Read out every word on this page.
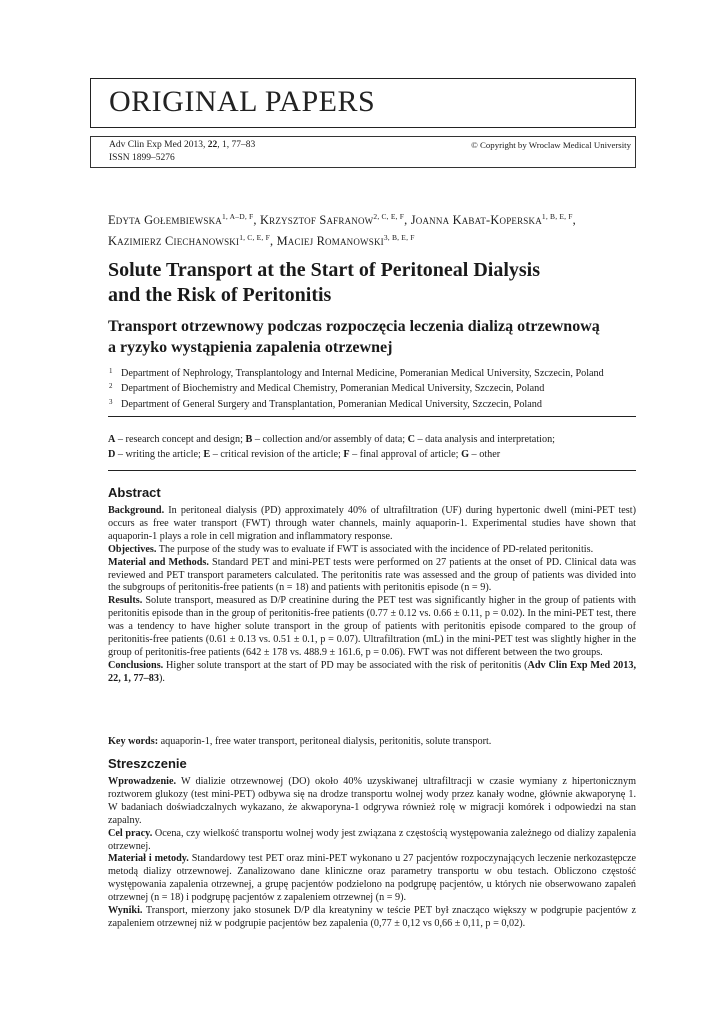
ORIGINAL PAPERS
Adv Clin Exp Med 2013, 22, 1, 77–83
ISSN 1899–5276
© Copyright by Wroclaw Medical University
Edyta Gołembiewska$^{1, A-D, F}$, Krzysztof Safranow$^{2, C, E, F}$, Joanna Kabat-Koperska$^{1, B, E, F}$,
Kazimierz Ciechanowski$^{1, C, E, F}$, Maciej Romanowski$^{3, B, E, F}$
Solute Transport at the Start of Peritoneal Dialysis
and the Risk of Peritonitis
Transport otrzewnowy podczas rozpoczęcia leczenia dializą otrzewnową
a ryzyko wystąpienia zapalenia otrzewnej
1 Department of Nephrology, Transplantology and Internal Medicine, Pomeranian Medical University, Szczecin, Poland
2 Department of Biochemistry and Medical Chemistry, Pomeranian Medical University, Szczecin, Poland
3 Department of General Surgery and Transplantation, Pomeranian Medical University, Szczecin, Poland
A – research concept and design; B – collection and/or assembly of data; C – data analysis and interpretation;
D – writing the article; E – critical revision of the article; F – final approval of article; G – other
Abstract

Background. In peritoneal dialysis (PD) approximately 40% of ultrafiltration (UF) during hypertonic dwell (mini-PET test) occurs as free water transport (FWT) through water channels, mainly aquaporin-1. Experimental studies have shown that aquaporin-1 plays a role in cell migration and inflammatory response.

Objectives. The purpose of the study was to evaluate if FWT is associated with the incidence of PD-related peritonitis.

Material and Methods. Standard PET and mini-PET tests were performed on 27 patients at the onset of PD. Clinical data was reviewed and PET transport parameters calculated. The peritonitis rate was assessed and the group of patients was divided into the subgroups of peritonitis-free patients (n = 18) and patients with peritonitis episode (n = 9).

Results. Solute transport, measured as D/P creatinine during the PET test was significantly higher in the group of patients with peritonitis episode than in the group of peritonitis-free patients (0.77 ± 0.12 vs. 0.66 ± 0.11, p = 0.02). In the mini-PET test, there was a tendency to have higher solute transport in the group of patients with peritonitis episode compared to the group of peritonitis-free patients (0.61 ± 0.13 vs. 0.51 ± 0.1, p = 0.07). Ultrafiltration (mL) in the mini-PET test was slightly higher in the group of peritonitis-free patients (642 ± 178 vs. 488.9 ± 161.6, p = 0.06). FWT was not different between the two groups.

Conclusions. Higher solute transport at the start of PD may be associated with the risk of peritonitis (Adv Clin Exp Med 2013, 22, 1, 77–83).

Key words: aquaporin-1, free water transport, peritoneal dialysis, peritonitis, solute transport.
Streszczenie

Wprowadzenie. W dializie otrzewnowej (DO) około 40% uzyskiwanej ultrafiltracji w czasie wymiany z hipertonicznym roztworem glukozy (test mini-PET) odbywa się na drodze transportu wolnej wody przez kanały wodne, głównie akwaporynę 1. W badaniach doświadczalnych wykazano, że akwaporyna-1 odgrywa również rolę w migracji komórek i odpowiedzi na stan zapalny.

Cel pracy. Ocena, czy wielkość transportu wolnej wody jest związana z częstością występowania zależnego od dializy zapalenia otrzewnej.

Materiał i metody. Standardowy test PET oraz mini-PET wykonano u 27 pacjentów rozpoczynających leczenie nerkozastępcze metodą dializy otrzewnowej. Zanalizowano dane kliniczne oraz parametry transportu w obu testach. Obliczono częstość występowania zapalenia otrzewnej, a grupę pacjentów podzielono na podgrupę pacjentów, u których nie obserwowano zapaleń otrzewnej (n = 18) i podgrupę pacjentów z zapaleniem otrzewnej (n = 9).

Wyniki. Transport, mierzony jako stosunek D/P dla kreatyniny w teście PET był znacząco większy w podgrupie pacjentów z zapaleniem otrzewnej niż w podgrupie pacjentów bez zapalenia (0,77 ± 0,12 vs 0,66 ± 0,11, p = 0,02).
